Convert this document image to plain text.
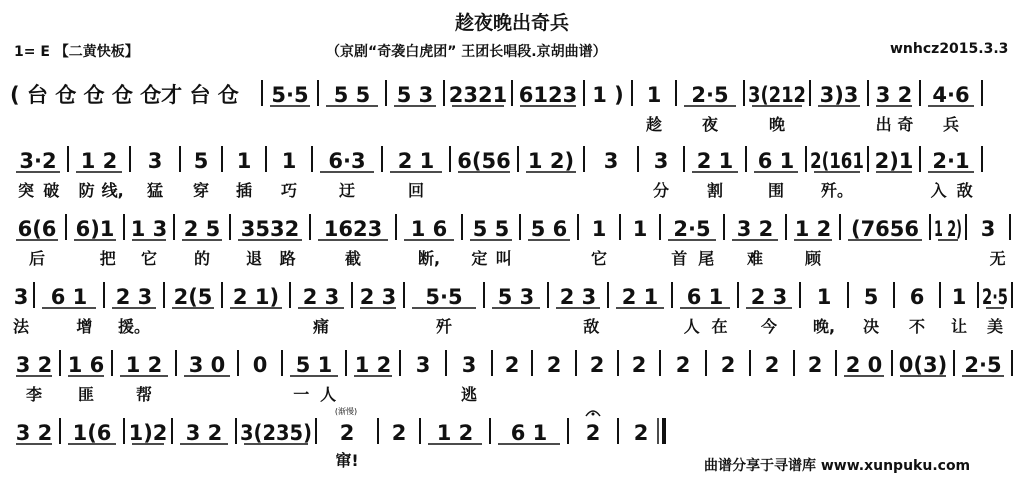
趁夜晚出奇兵
1= E 【二黄快板】	（京剧“奇袭白虎团” 王团长唱段.京胡曲谱）	wnhcz2015.3.3
( 台 仓 仓 仓 仓才 台 仓 5·5 5 5 5 3 2321 6123 1 ) 1
趁
2·5
夜
3(212
晚
3)3 3 2
出 奇
4·6
兵
3·2
突 破
1 2
防 线,
3
猛
5
穿
1
插
1
巧
6·3
迂
2 1
回
6(56 1 2) 3 3
分
2 1
割
6 1
围
2(161
歼。
2)1 2·1
入 敌
6(6
后
6)1
把
1 3
它
2 5
的
3532
退 路
1623
截
1 6
断,
5 5
定 叫
5 6 1
它
1 2·5
首 尾
3 2
难
1 2
顾
(7656 1 2) 3
无
3
法
6 1
增
2 3
援。
2(5 2 1) 2 3
痛
2 3 5·5
歼
5 3 2 3
敌
2 1 6 1
人 在
2 3
今
1
晚,
5
决
6
不
1
让
2·5
美
3 2
李
1 6
匪
1 2
帮
3 0 0 5 1
一 人
1 2 3 3
逃
2 2 2 2 2 2 2 2 2 0 0(3) 2·5
3 2 1(6 1)2 3 2 3(235) 2
窜!
2 1 2 6 1 2 2
(渐慢)
曲谱分享于寻谱库 www.xunpuku.com
